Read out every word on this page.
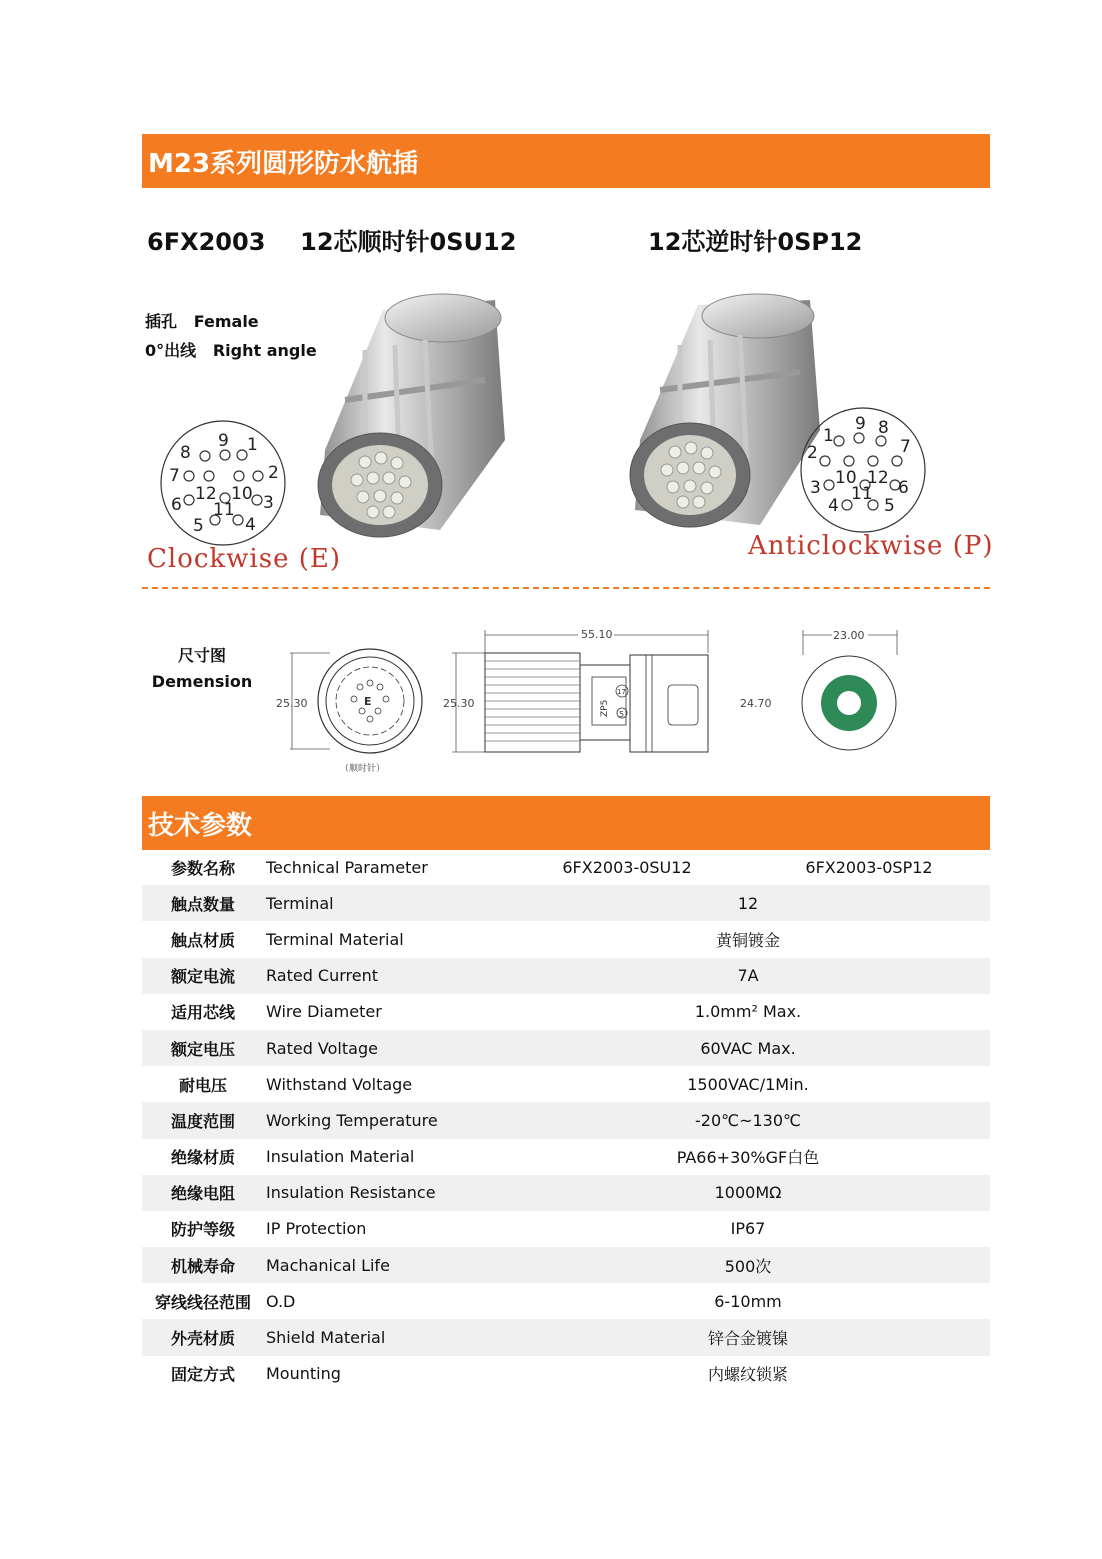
M23系列圆形防水航插
6FX2003 12芯顺时针0SU12	12芯逆时针0SP12
插孔   Female
0°出线   Right angle
9 1
8
7	2
12 10
6	3
11
5 4
Clockwise (E)
1
9 8
7
2
10 12
3	6
11
4	5
Anticlockwise (P)
尺寸图
Demension
25.30	E
（顺时针）
55.10
25.30	ZP5 5
17
24.70
23.00
技术参数
参数名称	Technical Parameter	6FX2003-0SU12	6FX2003-0SP12
触点数量	Terminal	12	
触点材质	Terminal Material	黄铜镀金	
额定电流	Rated Current	7A	
适用芯线	Wire Diameter	1.0mm² Max.	
额定电压	Rated Voltage	60VAC Max.	
耐电压	Withstand Voltage	1500VAC/1Min.	
温度范围	Working Temperature	-20℃~130℃	
绝缘材质	Insulation Material	PA66+30%GF白色	
绝缘电阻	Insulation Resistance	1000MΩ	
防护等级	IP Protection	IP67	
机械寿命	Machanical Life	500次	
穿线线径范围	O.D	6-10mm	
外壳材质	Shield Material	锌合金镀镍	
固定方式	Mounting	内螺纹锁紧	
